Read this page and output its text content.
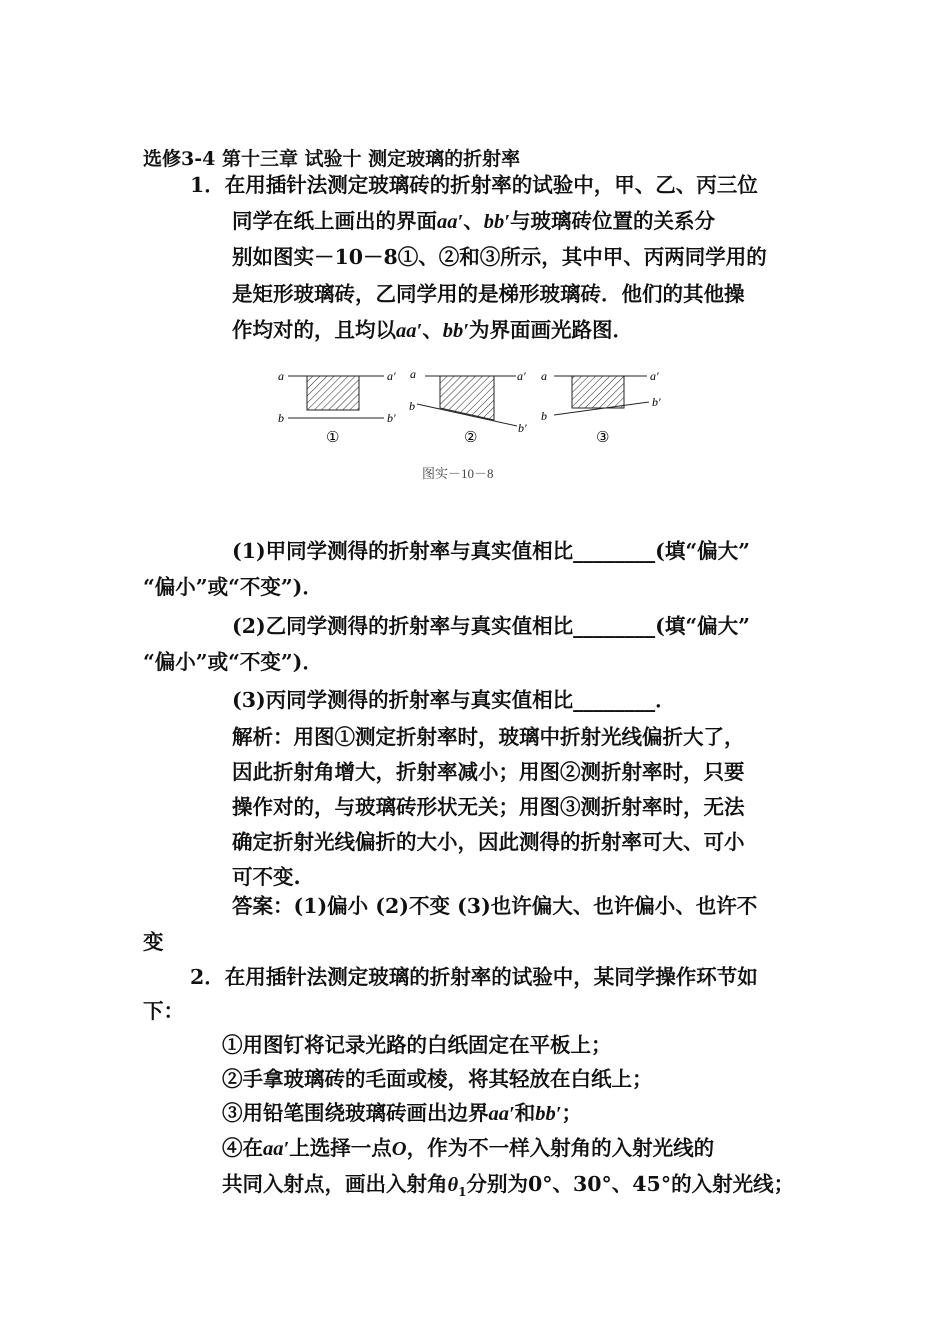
选修3-4 第十三章 试验十 测定玻璃的折射率
1．在用插针法测定玻璃砖的折射率的试验中，甲、乙、丙三位
同学在纸上画出的界面aa′、bb′与玻璃砖位置的关系分
别如图实－10－8①、②和③所示，其中甲、丙两同学用的
是矩形玻璃砖，乙同学用的是梯形玻璃砖．他们的其他操
作均对的，且均以aa′、bb′为界面画光路图．
a	a′
b	b′
①
a	a′
b
b′
②
a	a′
b
b′
③
图实－10－8
(1)甲同学测得的折射率与真实值相比________(填“偏大”
“偏小”或“不变”)．
(2)乙同学测得的折射率与真实值相比________(填“偏大”
“偏小”或“不变”)．
(3)丙同学测得的折射率与真实值相比________．
解析：用图①测定折射率时，玻璃中折射光线偏折大了，
因此折射角增大，折射率减小；用图②测折射率时，只要
操作对的，与玻璃砖形状无关；用图③测折射率时，无法
确定折射光线偏折的大小，因此测得的折射率可大、可小
可不变.
答案：(1)偏小 (2)不变 (3)也许偏大、也许偏小、也许不
变
2．在用插针法测定玻璃的折射率的试验中，某同学操作环节如
下：
①用图钉将记录光路的白纸固定在平板上；
②手拿玻璃砖的毛面或棱，将其轻放在白纸上；
③用铅笔围绕玻璃砖画出边界aa′和bb′；
④在aa′上选择一点O，作为不一样入射角的入射光线的
共同入射点，画出入射角$\theta_1$分别为0°、30°、45°的入射光线；
